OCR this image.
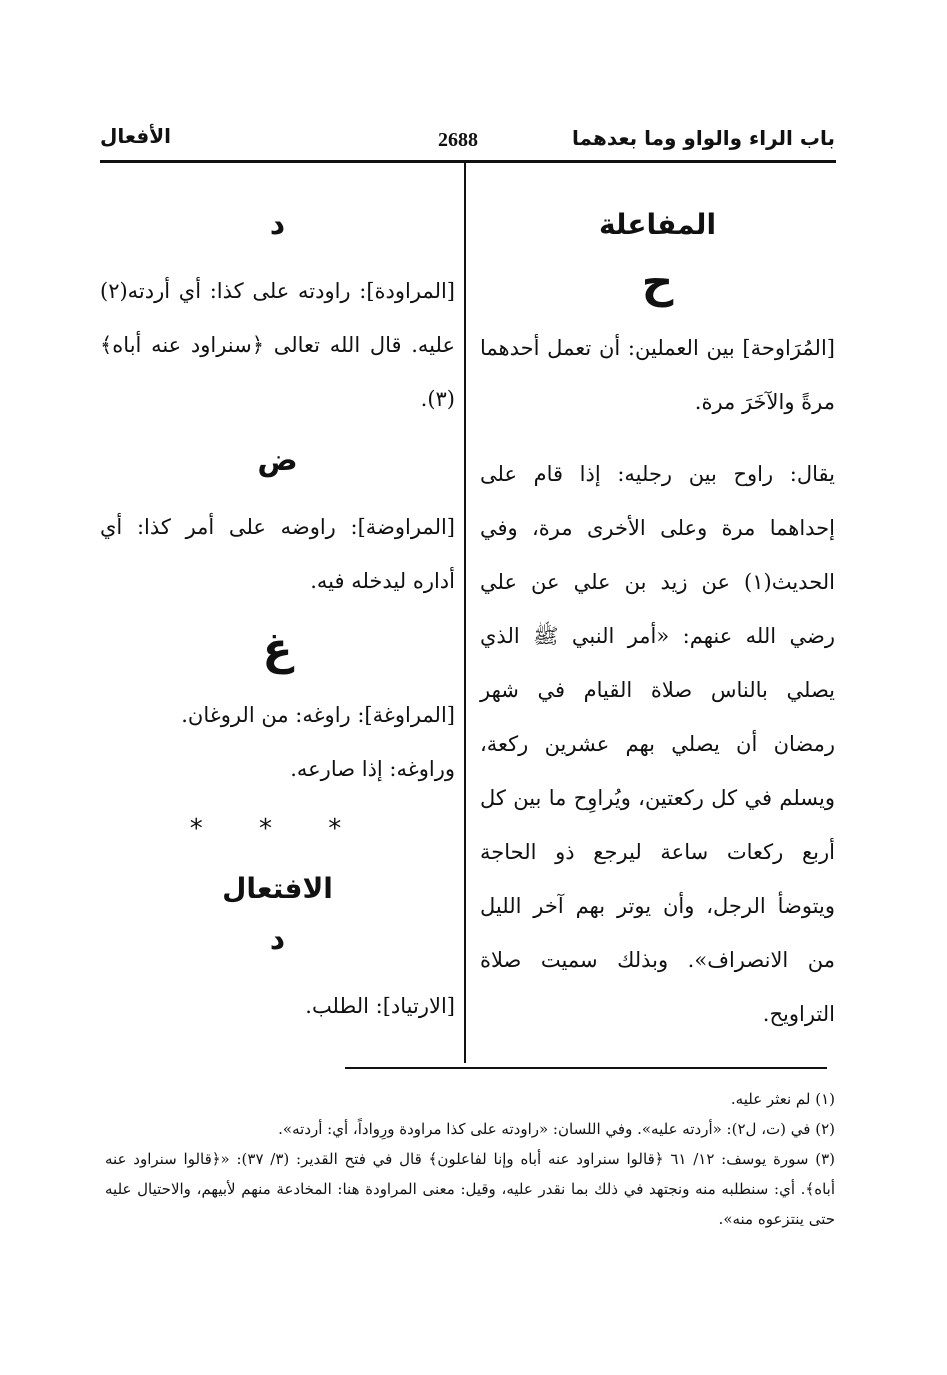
باب الراء والواو وما بعدهما
2688
الأفعال
المفاعلة
ح

[المُرَاوحة] بين العملين: أن تعمل أحدهما مرةً والآخَرَ مرة.

يقال: راوح بين رجليه: إذا قام على إحداهما مرة وعلى الأخرى مرة، وفي الحديث(١) عن زيد بن علي عن علي رضي الله عنهم: «أمر النبي ﷺ الذي يصلي بالناس صلاة القيام في شهر رمضان أن يصلي بهم عشرين ركعة، ويسلم في كل ركعتين، ويُراوِح ما بين كل أربع ركعات ساعة ليرجع ذو الحاجة ويتوضأ الرجل، وأن يوتر بهم آخر الليل من الانصراف». وبذلك سميت صلاة التراويح.

د

[المراودة]: راودته على كذا: أي أردته(٢) عليه. قال الله تعالى ﴿سنراود عنه أباه﴾(٣).

ض

[المراوضة]: راوضه على أمر كذا: أي أداره ليدخله فيه.

غ

[المراوغة]: راوغه: من الروغان.

وراوغه: إذا صارعه.

* * *
الافتعال
د

[الارتياد]: الطلب.

(١) لم نعثر عليه.

(٢) في (ت، ل٢): «أردته عليه». وفي اللسان: «راودته على كذا مراودة ورِواداً، أي: أردته».

(٣) سورة يوسف: ١٢/ ٦١ ﴿قالوا سنراود عنه أباه وإنا لفاعلون﴾ قال في فتح القدير: (٣/ ٣٧): «﴿قالوا سنراود عنه أباه﴾. أي: سنطلبه منه ونجتهد في ذلك بما نقدر عليه، وقيل: معنى المراودة هنا: المخادعة منهم لأبيهم، والاحتيال عليه حتى ينتزعوه منه».
